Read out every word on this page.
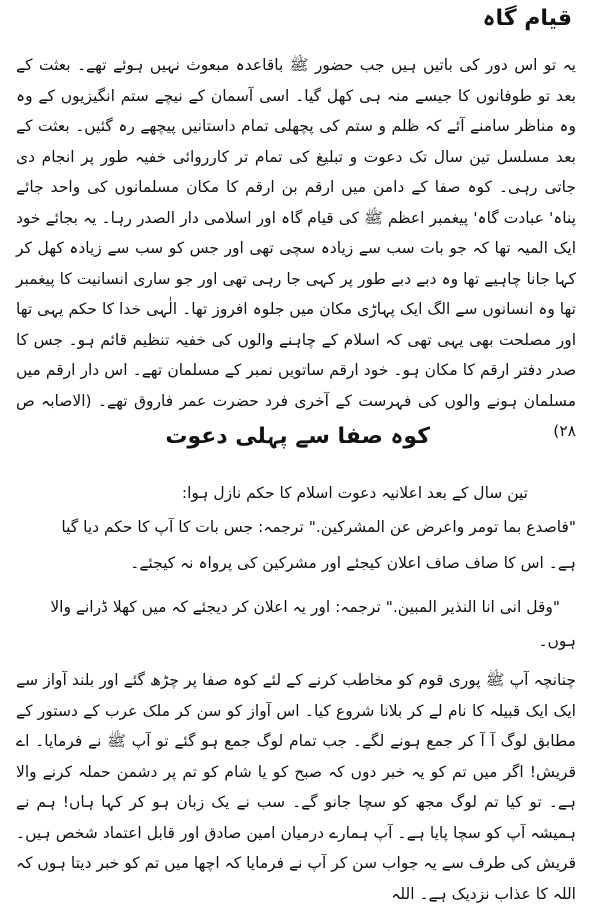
قیام گاہ
یہ تو اس دور کی باتیں ہیں جب حضور ﷺ باقاعدہ مبعوث نہیں ہوئے تھے۔ بعثت کے بعد تو طوفانوں کا جیسے منہ ہی کھل گیا۔ اسی آسمان کے نیچے ستم انگیزیوں کے وہ وہ مناظر سامنے آئے کہ ظلم و ستم کی پچھلی تمام داستانیں پیچھے رہ گئیں۔ بعثت کے بعد مسلسل تین سال تک دعوت و تبلیغ کی تمام تر کارروائی خفیہ طور پر انجام دی جاتی رہی۔ کوہ صفا کے دامن میں ارقم بن ارقم کا مکان مسلمانوں کی واحد جائے پناہ' عبادت گاہ' پیغمبر اعظم ﷺ کی قیام گاہ اور اسلامی دار الصدر رہا۔ یہ بجائے خود ایک المیہ تھا کہ جو بات سب سے زیادہ سچی تھی اور جس کو سب سے زیادہ کھل کر کہا جانا چاہیے تھا وہ دبے دبے طور پر کہی جا رہی تھی اور جو ساری انسانیت کا پیغمبر تھا وہ انسانوں سے الگ ایک پہاڑی مکان میں جلوہ افروز تھا۔ الٰہی خدا کا حکم یہی تھا اور مصلحت بھی یہی تھی کہ اسلام کے چاہنے والوں کی خفیہ تنظیم قائم ہو۔ جس کا صدر دفتر ارقم کا مکان ہو۔ خود ارقم ساتویں نمبر کے مسلمان تھے۔ اس دار ارقم میں مسلمان ہونے والوں کی فہرست کے آخری فرد حضرت عمر فاروق تھے۔ (الاصابہ ص ۲۸)
کوہ صفا سے پہلی دعوت
تین سال کے بعد اعلانیہ دعوت اسلام کا حکم نازل ہوا:
"فاصدع بما تومر واعرض عن المشركين." ترجمہ: جس بات کا آپ کا حکم دیا گیا
ہے۔ اس کا صاف صاف اعلان کیجئے اور مشرکین کی پرواہ نہ کیجئے۔
"وقل انى انا النذير المبين." ترجمہ: اور یہ اعلان کر دیجئے کہ میں کھلا ڈرانے والا
ہوں۔
چنانچہ آپ ﷺ پوری قوم کو مخاطب کرنے کے لئے کوہ صفا پر چڑھ گئے اور بلند آواز سے ایک ایک قبیلہ کا نام لے کر بلانا شروع کیا۔ اس آواز کو سن کر ملک عرب کے دستور کے مطابق لوگ آ آ کر جمع ہونے لگے۔ جب تمام لوگ جمع ہو گئے تو آپ ﷺ نے فرمایا۔ اے قریش! اگر میں تم کو یہ خبر دوں کہ صبح کو یا شام کو تم پر دشمن حملہ کرنے والا ہے۔ تو کیا تم لوگ مجھ کو سچا جانو گے۔ سب نے یک زبان ہو کر کہا ہاں! ہم نے ہمیشہ آپ کو سچا پایا ہے۔ آپ ہمارے درمیان امین صادق اور قابل اعتماد شخص ہیں۔ قریش کی طرف سے یہ جواب سن کر آپ نے فرمایا کہ اچھا میں تم کو خبر دیتا ہوں کہ اللہ کا عذاب نزدیک ہے۔ اللہ
